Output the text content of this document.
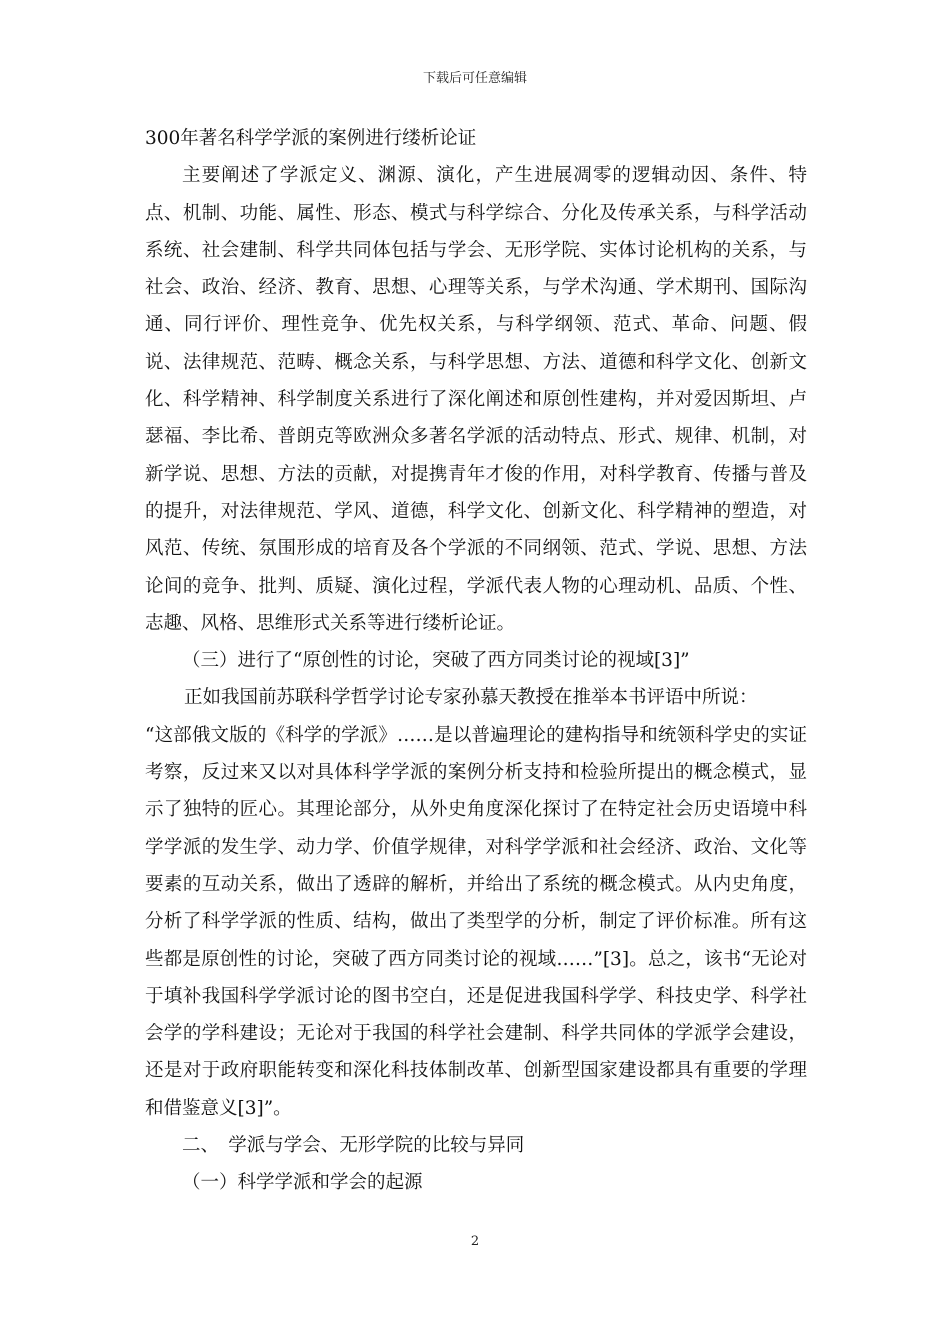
下载后可任意编辑

300年著名科学学派的案例进行缕析论证

主要阐述了学派定义、渊源、演化，产生进展凋零的逻辑动因、条件、特点、机制、功能、属性、形态、模式与科学综合、分化及传承关系，与科学活动系统、社会建制、科学共同体包括与学会、无形学院、实体讨论机构的关系，与社会、政治、经济、教育、思想、心理等关系，与学术沟通、学术期刊、国际沟通、同行评价、理性竞争、优先权关系，与科学纲领、范式、革命、问题、假说、法律规范、范畴、概念关系，与科学思想、方法、道德和科学文化、创新文化、科学精神、科学制度关系进行了深化阐述和原创性建构，并对爱因斯坦、卢瑟福、李比希、普朗克等欧洲众多著名学派的活动特点、形式、规律、机制，对新学说、思想、方法的贡献，对提携青年才俊的作用，对科学教育、传播与普及的提升，对法律规范、学风、道德，科学文化、创新文化、科学精神的塑造，对风范、传统、氛围形成的培育及各个学派的不同纲领、范式、学说、思想、方法论间的竞争、批判、质疑、演化过程，学派代表人物的心理动机、品质、个性、志趣、风格、思维形式关系等进行缕析论证。

（三）进行了“原创性的讨论，突破了西方同类讨论的视域[3]”

正如我国前苏联科学哲学讨论专家孙慕天教授在推举本书评语中所说：

“这部俄文版的《科学的学派》……是以普遍理论的建构指导和统领科学史的实证考察，反过来又以对具体科学学派的案例分析支持和检验所提出的概念模式，显示了独特的匠心。其理论部分，从外史角度深化探讨了在特定社会历史语境中科学学派的发生学、动力学、价值学规律，对科学学派和社会经济、政治、文化等要素的互动关系，做出了透辟的解析，并给出了系统的概念模式。从内史角度，分析了科学学派的性质、结构，做出了类型学的分析，制定了评价标准。所有这些都是原创性的讨论，突破了西方同类讨论的视域……”[3]。总之，该书“无论对于填补我国科学学派讨论的图书空白，还是促进我国科学学、科技史学、科学社会学的学科建设；无论对于我国的科学社会建制、科学共同体的学派学会建设，还是对于政府职能转变和深化科技体制改革、创新型国家建设都具有重要的学理和借鉴意义[3]”。

二、　学派与学会、无形学院的比较与异同

（一）科学学派和学会的起源

2
